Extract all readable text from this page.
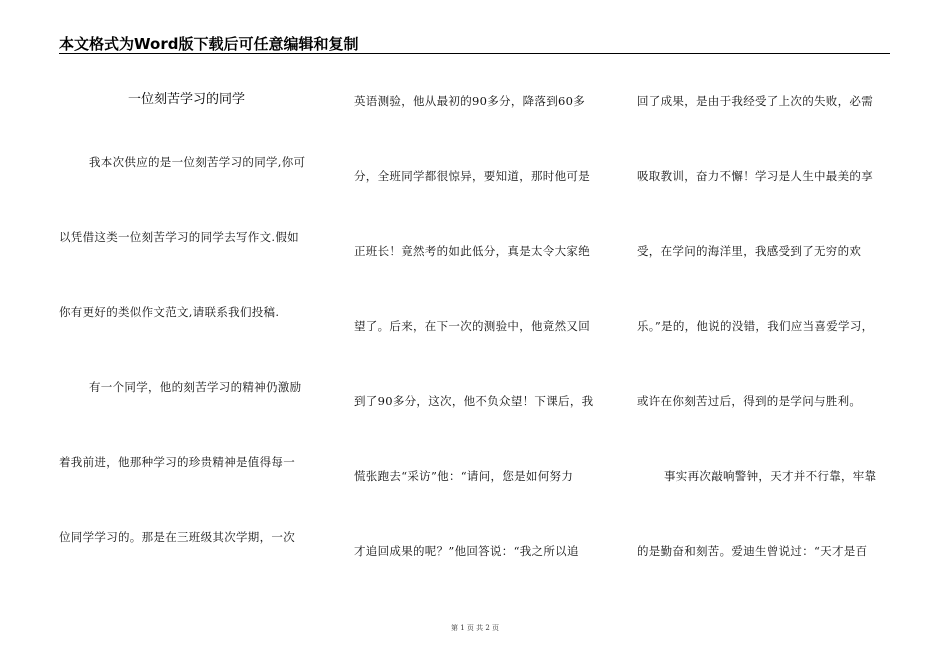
本文格式为Word版下载后可任意编辑和复制
一位刻苦学习的同学
我本次供应的是一位刻苦学习的同学,你可
以凭借这类一位刻苦学习的同学去写作文.假如
你有更好的类似作文范文,请联系我们投稿.
有一个同学，他的刻苦学习的精神仍激励
着我前进，他那种学习的珍贵精神是值得每一
位同学学习的。那是在三班级其次学期，一次
英语测验，他从最初的90多分，降落到60多
分，全班同学都很惊异，要知道，那时他可是
正班长！竟然考的如此低分，真是太令大家绝
望了。后来，在下一次的测验中，他竟然又回
到了90多分，这次，他不负众望！下课后，我
慌张跑去“采访”他：“请问，您是如何努力
才追回成果的呢？”他回答说：“我之所以追
回了成果，是由于我经受了上次的失败，必需
吸取教训，奋力不懈！学习是人生中最美的享
受，在学问的海洋里，我感受到了无穷的欢
乐。”是的，他说的没错，我们应当喜爱学习，
或许在你刻苦过后，得到的是学问与胜利。
事实再次敲响警钟，天才并不行靠，牢靠
的是勤奋和刻苦。爱迪生曾说过：“天才是百
第 1 页 共 2 页
